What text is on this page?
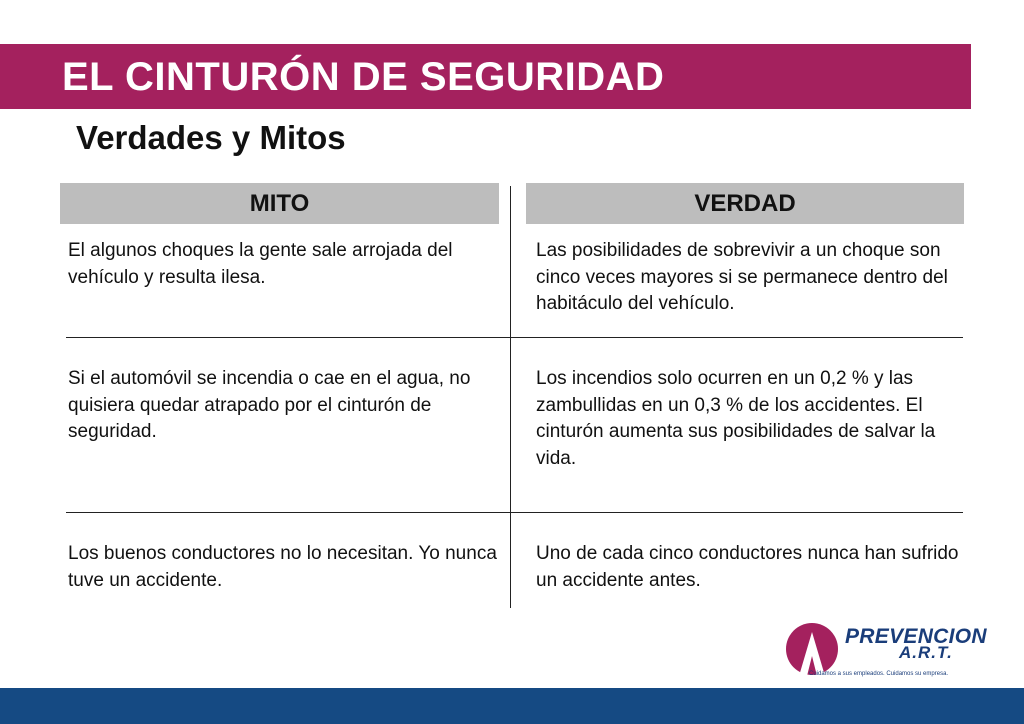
EL CINTURÓN DE SEGURIDAD
Verdades y Mitos
MITO	VERDAD
El algunos choques la gente sale arrojada del vehículo y resulta ilesa.
Las posibilidades de sobrevivir a un choque son cinco veces mayores si se permanece dentro del habitáculo del vehículo.
Si el automóvil se incendia o cae en el agua, no quisiera quedar atrapado por el cinturón de seguridad.
Los incendios solo ocurren en un 0,2 % y las zambullidas en un 0,3 % de los accidentes. El cinturón aumenta sus posibilidades de salvar la vida.
Los buenos conductores no lo necesitan. Yo nunca tuve un accidente.
Uno de cada cinco conductores nunca han sufrido un accidente antes.
PREVENCION
A.R.T.
Cuidamos a sus empleados. Cuidamos su empresa.
